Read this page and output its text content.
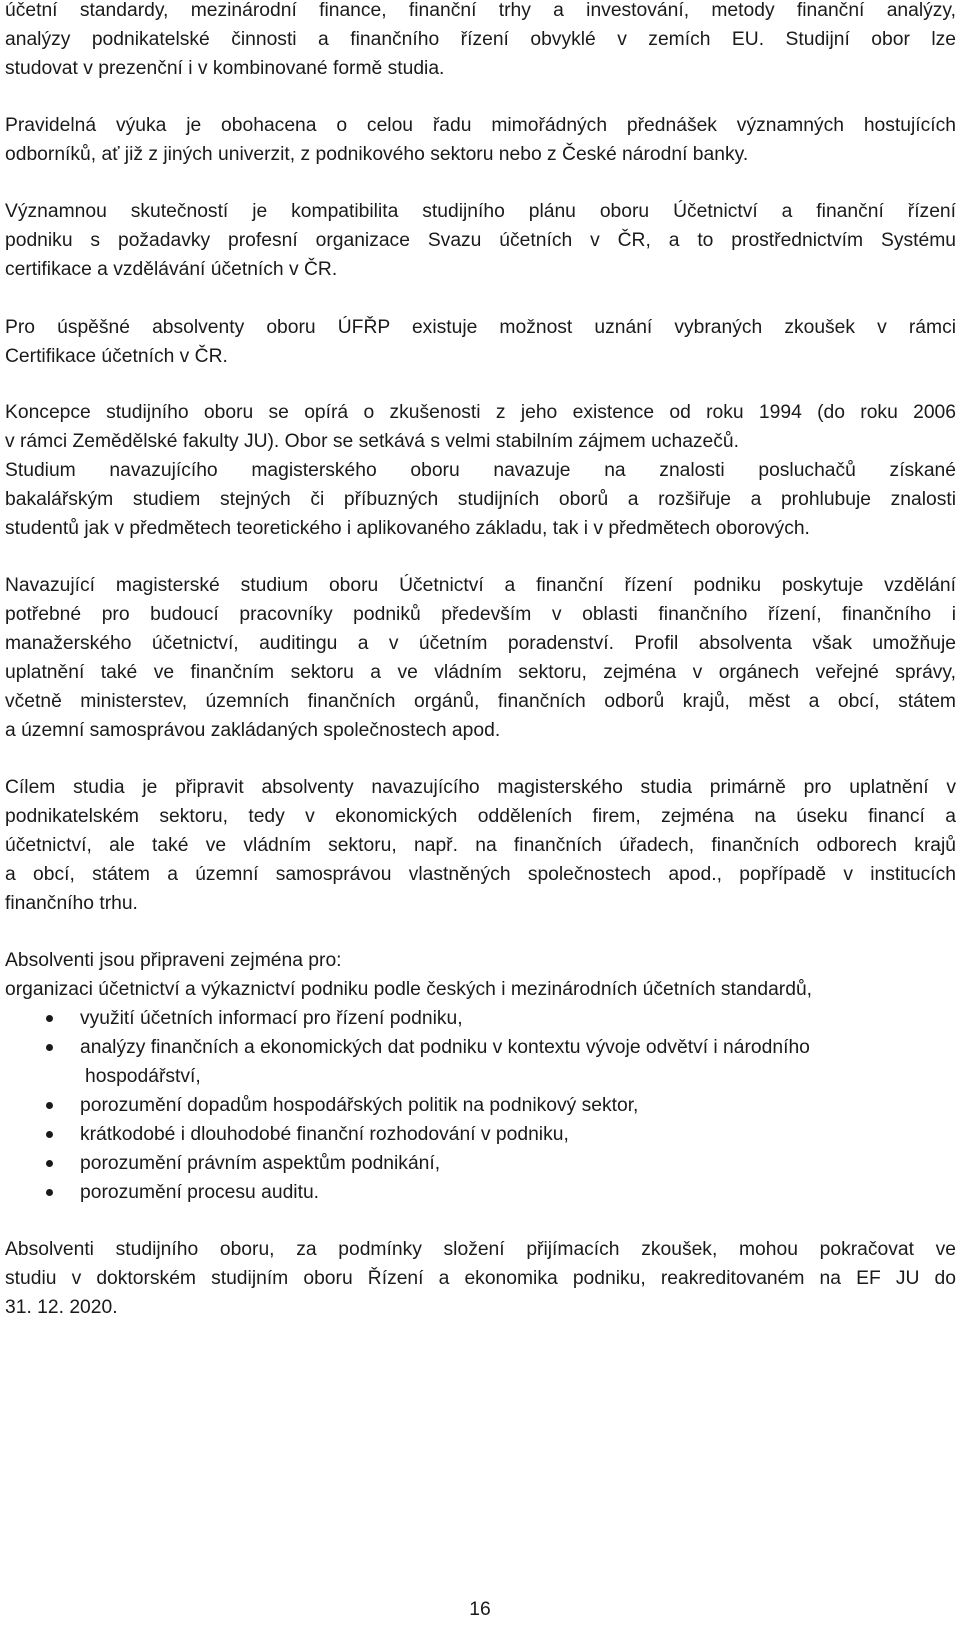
účetní standardy, mezinárodní finance, finanční trhy a investování, metody finanční analýzy,
analýzy podnikatelské činnosti a finančního řízení obvyklé v zemích EU. Studijní obor lze
studovat v prezenční i v kombinované formě studia.
Pravidelná výuka je obohacena o celou řadu mimořádných přednášek významných hostujících
odborníků, ať již z jiných univerzit, z podnikového sektoru nebo z České národní banky.
Významnou skutečností je kompatibilita studijního plánu oboru Účetnictví a finanční řízení
podniku s požadavky profesní organizace Svazu účetních v ČR, a to prostřednictvím Systému
certifikace a vzdělávání účetních v ČR.
Pro úspěšné absolventy oboru ÚFŘP existuje možnost uznání vybraných zkoušek v rámci
Certifikace účetních v ČR.
Koncepce studijního oboru se opírá o zkušenosti z jeho existence od roku 1994 (do roku 2006
v rámci Zemědělské fakulty JU). Obor se setkává s velmi stabilním zájmem uchazečů.
Studium navazujícího magisterského oboru navazuje na znalosti posluchačů získané
bakalářským studiem stejných či příbuzných studijních oborů a rozšiřuje a prohlubuje znalosti
studentů jak v předmětech teoretického i aplikovaného základu, tak i v předmětech oborových.
Navazující magisterské studium oboru Účetnictví a finanční řízení podniku poskytuje vzdělání
potřebné pro budoucí pracovníky podniků především v oblasti finančního řízení, finančního i
manažerského účetnictví, auditingu a v účetním poradenství. Profil absolventa však umožňuje
uplatnění také ve finančním sektoru a ve vládním sektoru, zejména v orgánech veřejné správy,
včetně ministerstev, územních finančních orgánů, finančních odborů krajů, měst a obcí, státem
a územní samosprávou zakládaných společnostech apod.
Cílem studia je připravit absolventy navazujícího magisterského studia primárně pro uplatnění v
podnikatelském sektoru, tedy v ekonomických odděleních firem, zejména na úseku financí a
účetnictví, ale také ve vládním sektoru, např. na finančních úřadech, finančních odborech krajů
a obcí, státem a územní samosprávou vlastněných společnostech apod., popřípadě v institucích
finančního trhu.
Absolventi jsou připraveni zejména pro:
organizaci účetnictví a výkaznictví podniku podle českých i mezinárodních účetních standardů,
využití účetních informací pro řízení podniku,
analýzy finančních a ekonomických dat podniku v kontextu vývoje odvětví i národního
hospodářství,
porozumění dopadům hospodářských politik na podnikový sektor,
krátkodobé i dlouhodobé finanční rozhodování v podniku,
porozumění právním aspektům podnikání,
porozumění procesu auditu.
Absolventi studijního oboru, za podmínky složení přijímacích zkoušek, mohou pokračovat ve
studiu v doktorském studijním oboru Řízení a ekonomika podniku, reakreditovaném na EF JU do
31. 12. 2020.
16
